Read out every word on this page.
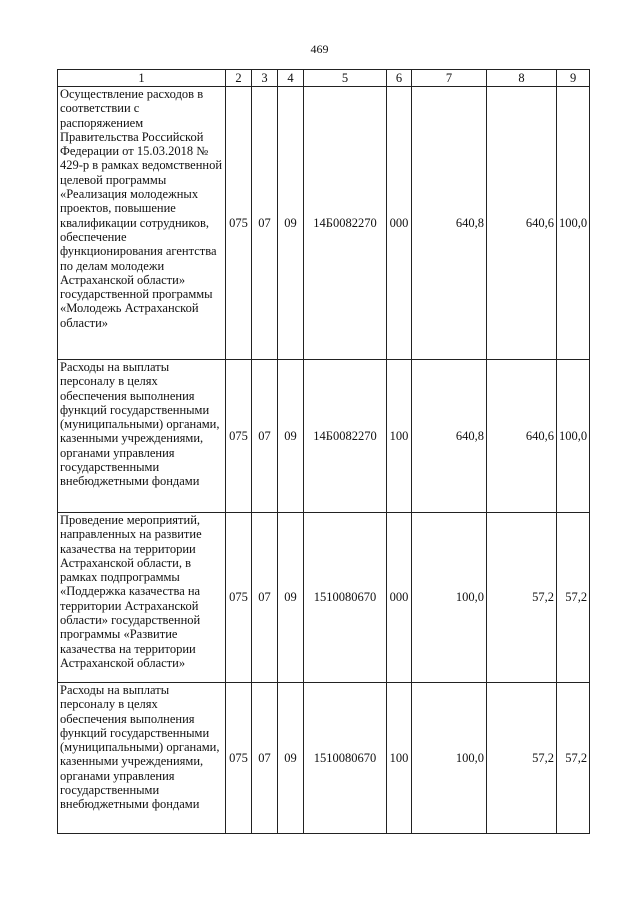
469
1	2	3	4	5	6	7	8	9
Осуществление расходов в соответствии с распоряжением Правительства Российской Федерации от 15.03.2018 № 429-р в рамках ведомственной целевой программы «Реализация молодежных проектов, повышение квалификации сотрудников, обеспечение функционирования агентства по делам молодежи Астраханской области» государственной программы «Молодежь Астраханской области»	075	07	09	14Б0082270	000	640,8	640,6	100,0
Расходы на выплаты персоналу в целях обеспечения выполнения функций государственными (муниципальными) органами, казенными учреждениями, органами управления государственными внебюджетными фондами	075	07	09	14Б0082270	100	640,8	640,6	100,0
Проведение мероприятий, направленных на развитие казачества на территории Астраханской области, в рамках подпрограммы «Поддержка казачества на территории Астраханской области» государственной программы «Развитие казачества на территории Астраханской области»	075	07	09	1510080670	000	100,0	57,2	57,2
Расходы на выплаты персоналу в целях обеспечения выполнения функций государственными (муниципальными) органами, казенными учреждениями, органами управления государственными внебюджетными фондами	075	07	09	1510080670	100	100,0	57,2	57,2
